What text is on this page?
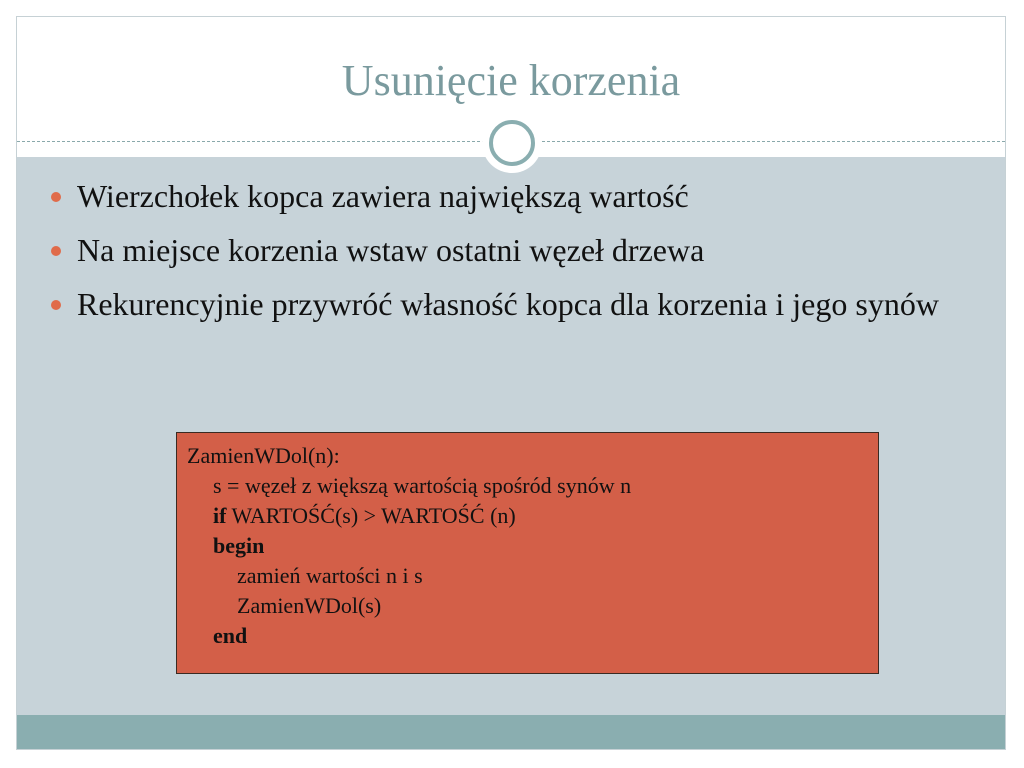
Usunięcie korzenia
Wierzchołek kopca zawiera największą wartość
Na miejsce korzenia wstaw ostatni węzeł drzewa
Rekurencyjnie przywróć własność kopca dla korzenia i jego synów
ZamienWDol(n):
s = węzeł z większą wartością spośród synów n
if WARTOŚĆ(s) > WARTOŚĆ (n)
begin
zamień wartości n i s
ZamienWDol(s)
end
